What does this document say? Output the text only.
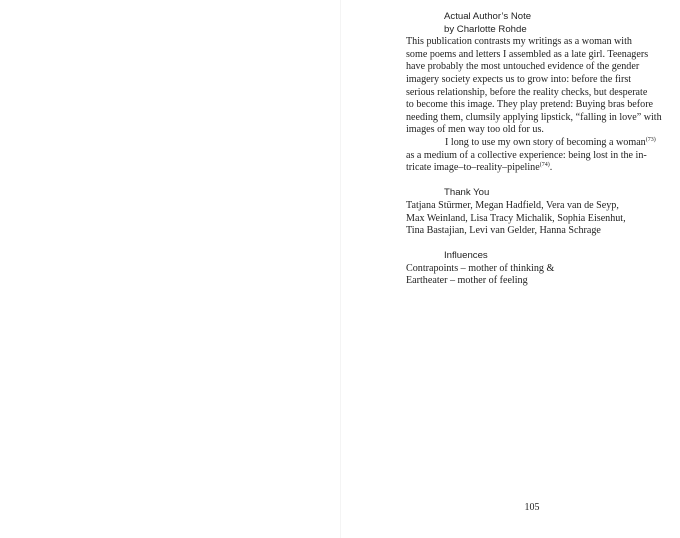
Actual Author’s Note

by Charlotte Rohde

This publication contrasts my writings as a woman with

some poems and letters I assembled as a late girl. Teenagers

have probably the most untouched evidence of the gender

imagery society expects us to grow into: before the first

serious relationship, before the reality checks, but desperate

to become this image. They play pretend: Buying bras before

needing them, clumsily applying lipstick, “falling in love” with

images of men way too old for us.

I long to use my own story of becoming a woman$^{(73)}$

as a medium of a collective experience: being lost in the in-

tricate image–to–reality–pipeline$^{(74)}$.

Thank You

Tatjana Stürmer, Megan Hadfield, Vera van de Seyp,

Max Weinland, Lisa Tracy Michalik, Sophia Eisenhut,

Tina Bastajian, Levi van Gelder, Hanna Schrage

Influences

Contrapoints – mother of thinking &

Eartheater – mother of feeling

105
